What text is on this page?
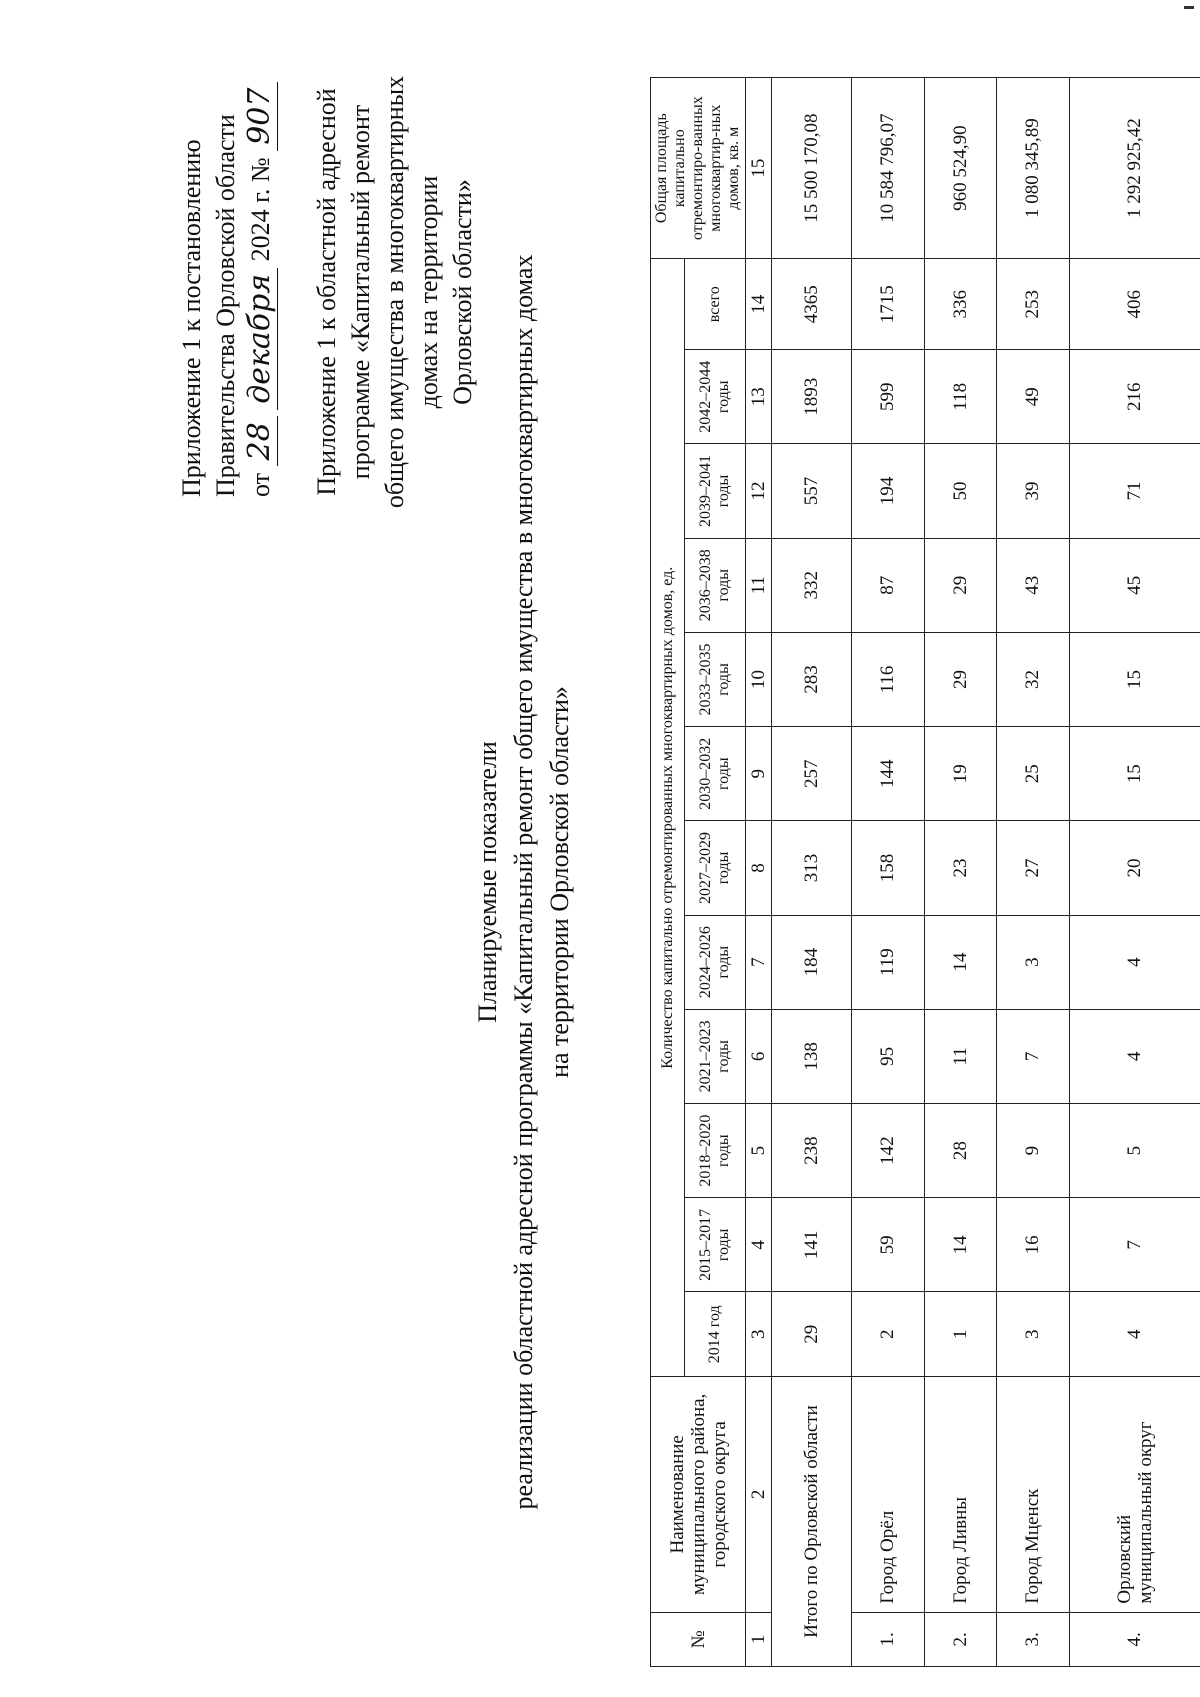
Приложение 1 к постановлению Правительства Орловской области от 28 декабря 2024 г. № 907 Приложение 1 к областной адресной программе «Капитальный ремонт общего имущества в многоквартирных домах на территории Орловской области»
Планируемые показатели реализации областной адресной программы «Капитальный ремонт общего имущества в многоквартирных домах на территории Орловской области»
№	Наименование муниципального района, городского округа	Количество капитально отремонтированных многоквартирных домов, ед.												Общая площадь капитально отремонтиро-ванных многоквартир-ных домов, кв. м
		2014 год	2015–2017 годы	2018–2020 годы	2021–2023 годы	2024–2026 годы	2027–2029 годы	2030–2032 годы	2033–2035 годы	2036–2038 годы	2039–2041 годы	2042–2044 годы	всего	
1	2	3	4	5	6	7	8	9	10	11	12	13	14	15
Итого по Орловской области		29	141	238	138	184	313	257	283	332	557	1893	4365	15 500 170,08
1.	Город Орёл	2	59	142	95	119	158	144	116	87	194	599	1715	10 584 796,07
2.	Город Ливны	1	14	28	11	14	23	19	29	29	50	118	336	960 524,90
3.	Город Мценск	3	16	9	7	3	27	25	32	43	39	49	253	1 080 345,89
4.	Орловский муниципальный округ	4	7	5	4	4	20	15	15	45	71	216	406	1 292 925,42
